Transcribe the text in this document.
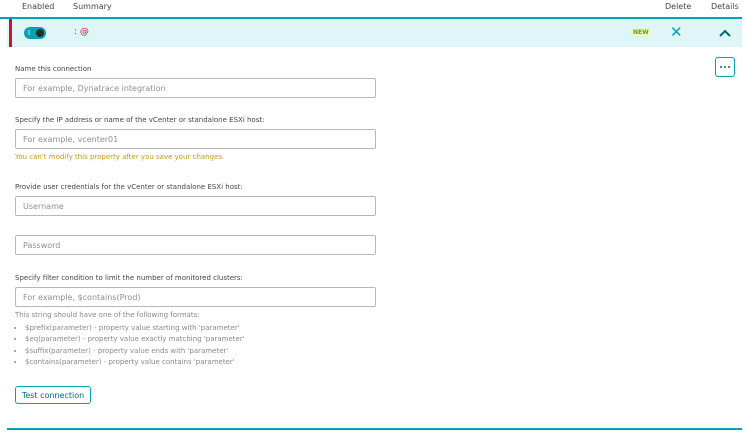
Enabled Summary	Delete Details
I	: @	NEW ✕
Name this connection
For example, Dynatrace integration
Specify the IP address or name of the vCenter or standalone ESXi host:
For example, vcenter01
You can't modify this property after you save your changes.
Provide user credentials for the vCenter or standalone ESXi host:
Username
Specify filter condition to limit the number of monitored clusters:
For example, $contains(Prod)
This string should have one of the following formats:
• $prefix(parameter) - property value starting with 'parameter'
• $eq(parameter) - property value exactly matching 'parameter'
• $suffix(parameter) - property value ends with 'parameter'
• $contains(parameter) - property value contains 'parameter'
Test connection
